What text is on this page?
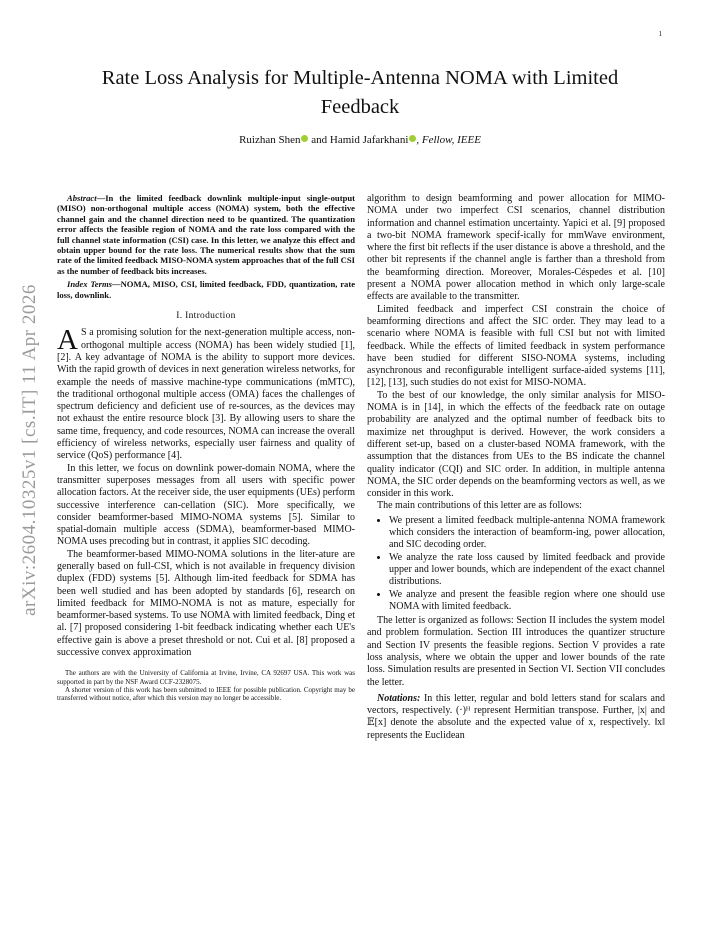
1
arXiv:2604.10325v1 [cs.IT] 11 Apr 2026
Rate Loss Analysis for Multiple-Antenna NOMA with Limited Feedback
Ruizhan Shen and Hamid Jafarkhani , Fellow, IEEE

Abstract—In the limited feedback downlink multiple-input single-output (MISO) non-orthogonal multiple access (NOMA) system, both the effective channel gain and the channel direction need to be quantized. The quantization error affects the feasible region of NOMA and the rate loss compared with the full channel state information (CSI) case. In this letter, we analyze this effect and obtain upper bound for the rate loss. The numerical results show that the sum rate of the limited feedback MISO-NOMA system approaches that of the full CSI as the number of feedback bits increases.

Index Terms—NOMA, MISO, CSI, limited feedback, FDD, quantization, rate loss, downlink.

I. Introduction

A S a promising solution for the next-generation multiple access, non-orthogonal multiple access (NOMA) has been widely studied [1], [2]. A key advantage of NOMA is the ability to support more devices. With the rapid growth of devices in next generation wireless networks, for example the needs of massive machine-type communications (mMTC), the traditional orthogonal multiple access (OMA) faces the challenges of spectrum deficiency and deficient use of re-sources, as the devices may not exhaust the entire resource block [3]. By allowing users to share the same time, frequency, and code resources, NOMA can increase the overall efficiency of wireless networks, especially user fairness and quality of service (QoS) performance [4].

In this letter, we focus on downlink power-domain NOMA, where the transmitter superposes messages from all users with specific power allocation factors. At the receiver side, the user equipments (UEs) perform successive interference can-cellation (SIC). More specifically, we consider beamformer-based MIMO-NOMA systems [5]. Similar to spatial-domain multiple access (SDMA), beamformer-based MIMO-NOMA uses precoding but in contrast, it applies SIC decoding.

The beamformer-based MIMO-NOMA solutions in the liter-ature are generally based on full-CSI, which is not available in frequency division duplex (FDD) systems [5]. Although lim-ited feedback for SDMA has been well studied and has been adopted by standards [6], research on limited feedback for MIMO-NOMA is not as mature, especially for beamformer-based systems. To use NOMA with limited feedback, Ding et al. [7] proposed considering 1-bit feedback indicating whether each UE's effective gain is above a preset threshold or not. Cui et al. [8] proposed a successive convex approximation

The authors are with the University of California at Irvine, Irvine, CA 92697 USA. This work was supported in part by the NSF Award CCF-2328075.

A shorter version of this work has been submitted to IEEE for possible publication. Copyright may be transferred without notice, after which this version may no longer be accessible.

algorithm to design beamforming and power allocation for MIMO-NOMA under two imperfect CSI scenarios, channel distribution information and channel estimation uncertainty. Yapici et al. [9] proposed a two-bit NOMA framework specif-ically for mmWave environment, where the first bit reflects if the user distance is above a threshold, and the other bit represents if the channel angle is farther than a threshold from the beamforming direction. Moreover, Morales-Céspedes et al. [10] present a NOMA power allocation method in which only large-scale effects are available to the transmitter.

Limited feedback and imperfect CSI constrain the choice of beamforming directions and affect the SIC order. They may lead to a scenario where NOMA is feasible with full CSI but not with limited feedback. While the effects of limited feedback in system performance have been studied for different SISO-NOMA systems, including asynchronous and reconfigurable intelligent surface-aided systems [11], [12], [13], such studies do not exist for MISO-NOMA.

To the best of our knowledge, the only similar analysis for MISO-NOMA is in [14], in which the effects of the feedback rate on outage probability are analyzed and the optimal number of feedback bits to maximize net throughput is derived. However, the work considers a different set-up, based on a cluster-based NOMA framework, with the assumption that the distances from UEs to the BS indicate the channel quality indicator (CQI) and SIC order. In addition, in multiple antenna NOMA, the SIC order depends on the beamforming vectors as well, as we consider in this work.

The main contributions of this letter are as follows:

• We present a limited feedback multiple-antenna NOMA framework which considers the interaction of beamform-ing, power allocation, and SIC decoding order.
• We analyze the rate loss caused by limited feedback and provide upper and lower bounds, which are independent of the exact channel distributions.
• We analyze and present the feasible region where one should use NOMA with limited feedback.

The letter is organized as follows: Section II includes the system model and problem formulation. Section III introduces the quantizer structure and Section IV presents the feasible regions. Section V provides a rate loss analysis, where we obtain the upper and lower bounds of the rate loss. Simulation results are presented in Section VI. Section VII concludes the letter.

Notations: In this letter, regular and bold letters stand for scalars and vectors, respectively. (·)ᴴ represent Hermitian transpose. Further, |x| and 𝔼[x] denote the absolute and the expected value of x, respectively. ‖x‖ represents the Euclidean
